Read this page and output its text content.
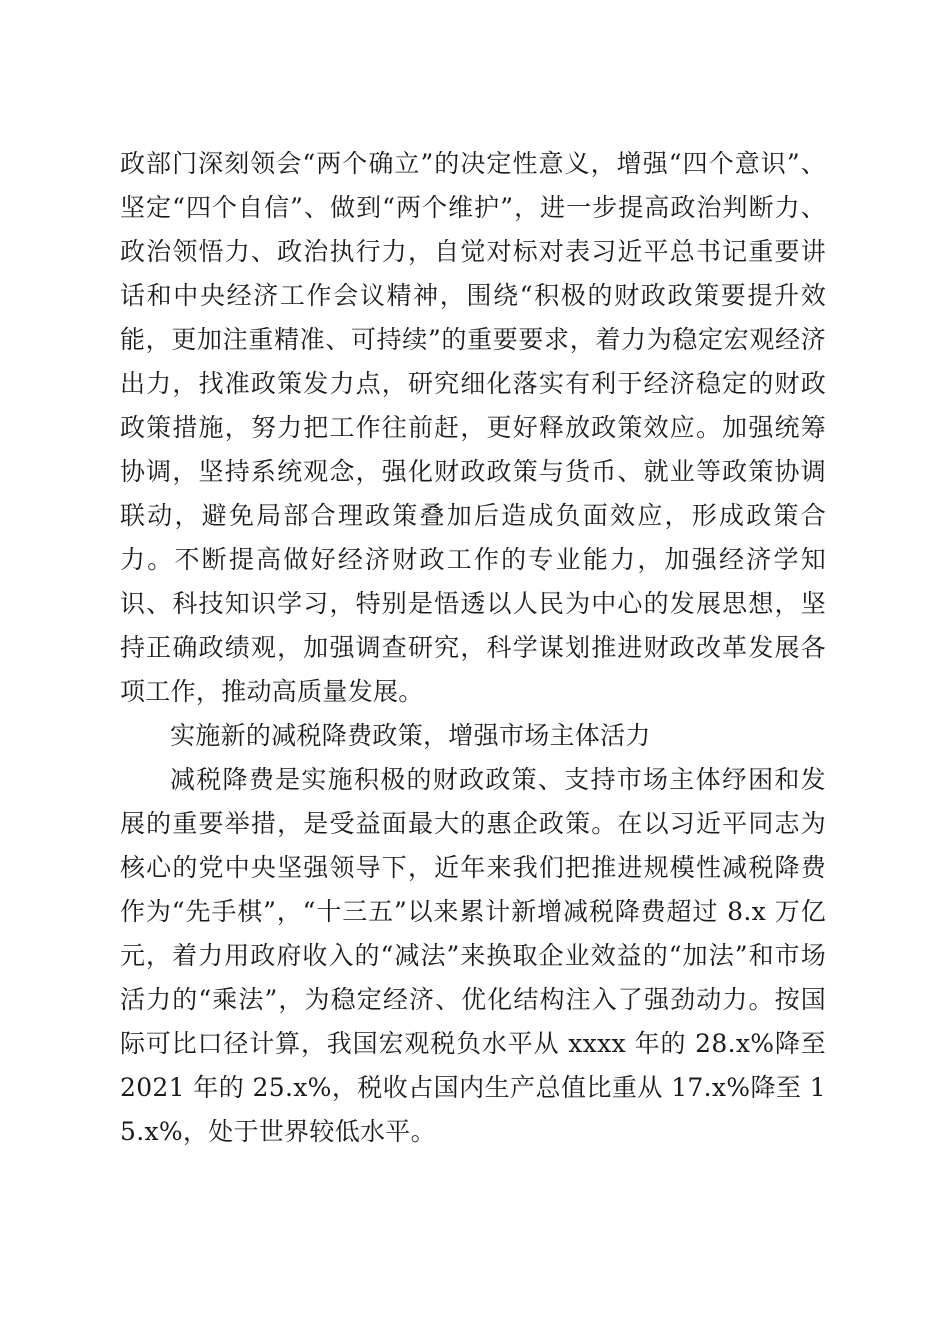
政部门深刻领会“两个确立”的决定性意义，增强“四个意识”、坚定“四个自信”、做到“两个维护”，进一步提高政治判断力、政治领悟力、政治执行力，自觉对标对表习近平总书记重要讲话和中央经济工作会议精神，围绕“积极的财政政策要提升效能，更加注重精准、可持续”的重要要求，着力为稳定宏观经济出力，找准政策发力点，研究细化落实有利于经济稳定的财政政策措施，努力把工作往前赶，更好释放政策效应。加强统筹协调，坚持系统观念，强化财政政策与货币、就业等政策协调联动，避免局部合理政策叠加后造成负面效应，形成政策合力。不断提高做好经济财政工作的专业能力，加强经济学知识、科技知识学习，特别是悟透以人民为中心的发展思想，坚持正确政绩观，加强调查研究，科学谋划推进财政改革发展各项工作，推动高质量发展。

实施新的减税降费政策，增强市场主体活力

减税降费是实施积极的财政政策、支持市场主体纾困和发展的重要举措，是受益面最大的惠企政策。在以习近平同志为核心的党中央坚强领导下，近年来我们把推进规模性减税降费作为“先手棋”，“十三五”以来累计新增减税降费超过 8.x 万亿元，着力用政府收入的“减法”来换取企业效益的“加法”和市场活力的“乘法”，为稳定经济、优化结构注入了强劲动力。按国际可比口径计算，我国宏观税负水平从 xxxx 年的 28.x%降至 2021 年的 25.x%，税收占国内生产总值比重从 17.x%降至 15.x%，处于世界较低水平。
